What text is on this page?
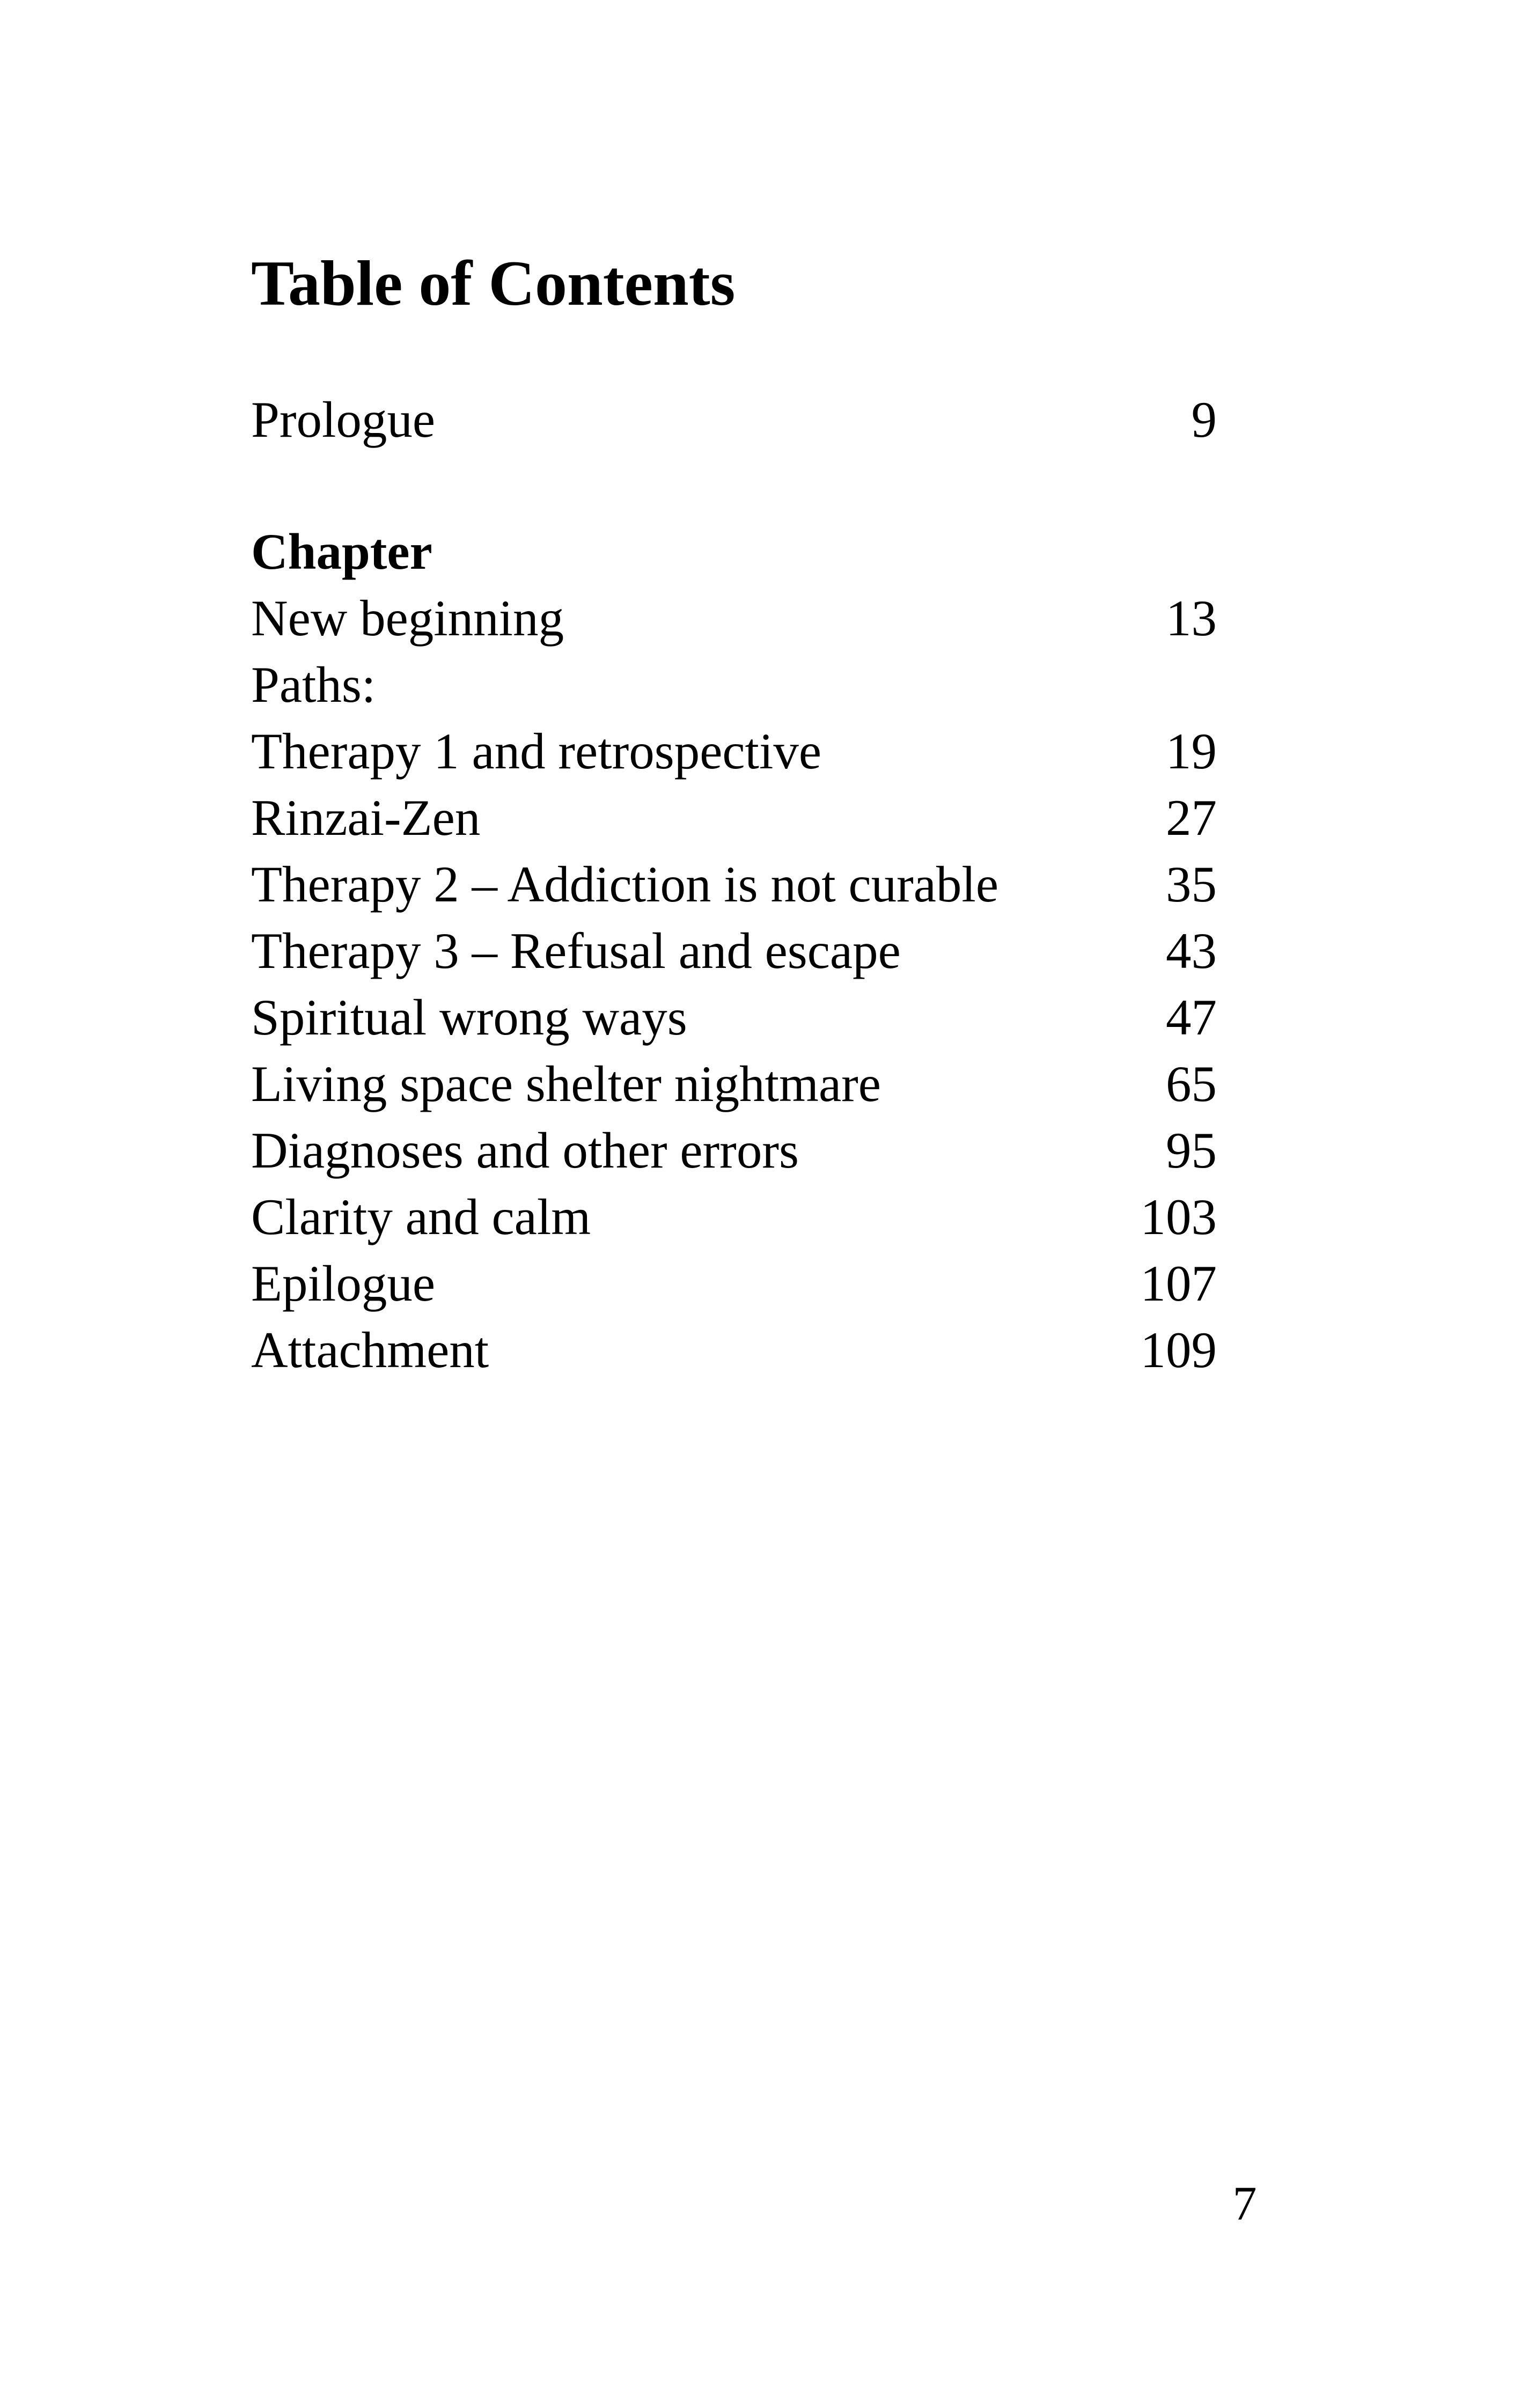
Table of Contents
Prologue	9
Chapter
New beginning	13
Paths:
Therapy 1 and retrospective	19
Rinzai-Zen	27
Therapy 2 – Addiction is not curable	35
Therapy 3 – Refusal and escape	43
Spiritual wrong ways	47
Living space shelter nightmare	65
Diagnoses and other errors	95
Clarity and calm	103
Epilogue	107
Attachment	109
7
